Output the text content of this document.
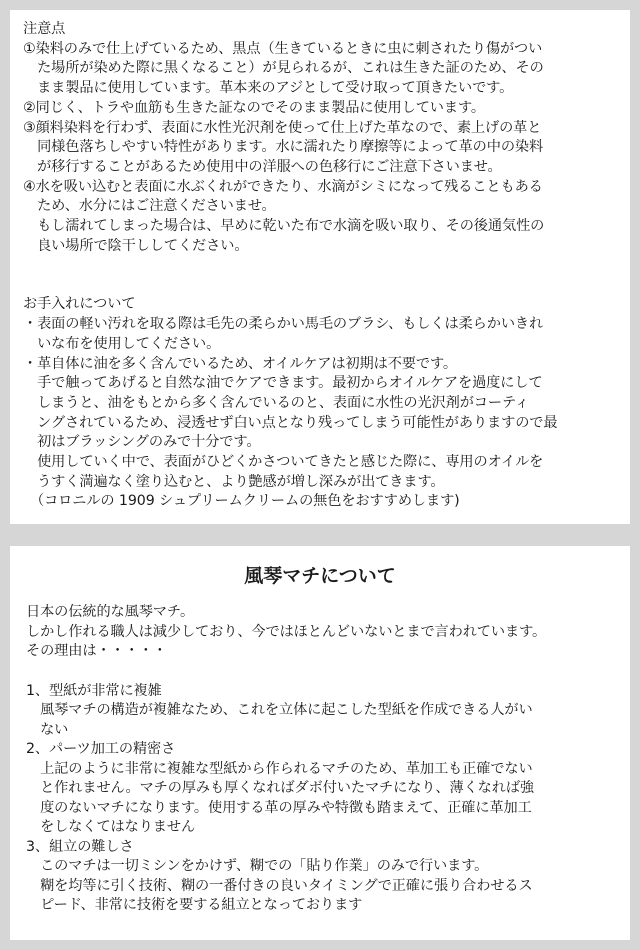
注意点
①染料のみで仕上げているため、黒点（生きているときに虫に刺されたり傷がつい
　た場所が染めた際に黒くなること）が見られるが、これは生きた証のため、その
　まま製品に使用しています。革本来のアジとして受け取って頂きたいです。
②同じく、トラや血筋も生きた証なのでそのまま製品に使用しています。
③顔料染料を行わず、表面に水性光沢剤を使って仕上げた革なので、素上げの革と
　同様色落ちしやすい特性があります。水に濡れたり摩擦等によって革の中の染料
　が移行することがあるため使用中の洋服への色移行にご注意下さいませ。
④水を吸い込むと表面に水ぶくれができたり、水滴がシミになって残ることもある
　ため、水分にはご注意くださいませ。
　もし濡れてしまった場合は、早めに乾いた布で水滴を吸い取り、その後通気性の
　良い場所で陰干ししてください。
お手入れについて
・表面の軽い汚れを取る際は毛先の柔らかい馬毛のブラシ、もしくは柔らかいきれ
　いな布を使用してください。
・革自体に油を多く含んでいるため、オイルケアは初期は不要です。
　手で触ってあげると自然な油でケアできます。最初からオイルケアを過度にして
　しまうと、油をもとから多く含んでいるのと、表面に水性の光沢剤がコーティ
　ングされているため、浸透せず白い点となり残ってしまう可能性がありますので最
　初はブラッシングのみで十分です。
　使用していく中で、表面がひどくかさついてきたと感じた際に、専用のオイルを
　うすく満遍なく塗り込むと、より艶感が増し深みが出てきます。
　（コロニルの 1909 シュプリームクリームの無色をおすすめします)
風琴マチについて
日本の伝統的な風琴マチ。
しかし作れる職人は減少しており、今ではほとんどいないとまで言われています。
その理由は・・・・・
1、型紙が非常に複雑
　風琴マチの構造が複雑なため、これを立体に起こした型紙を作成できる人がい
　ない
2、パーツ加工の精密さ
　上記のように非常に複雑な型紙から作られるマチのため、革加工も正確でない
　と作れません。マチの厚みも厚くなればダボ付いたマチになり、薄くなれば強
　度のないマチになります。使用する革の厚みや特徴も踏まえて、正確に革加工
　をしなくてはなりません
3、組立の難しさ
　このマチは一切ミシンをかけず、糊での「貼り作業」のみで行います。
　糊を均等に引く技術、糊の一番付きの良いタイミングで正確に張り合わせるス
　ピード、非常に技術を要する組立となっております
